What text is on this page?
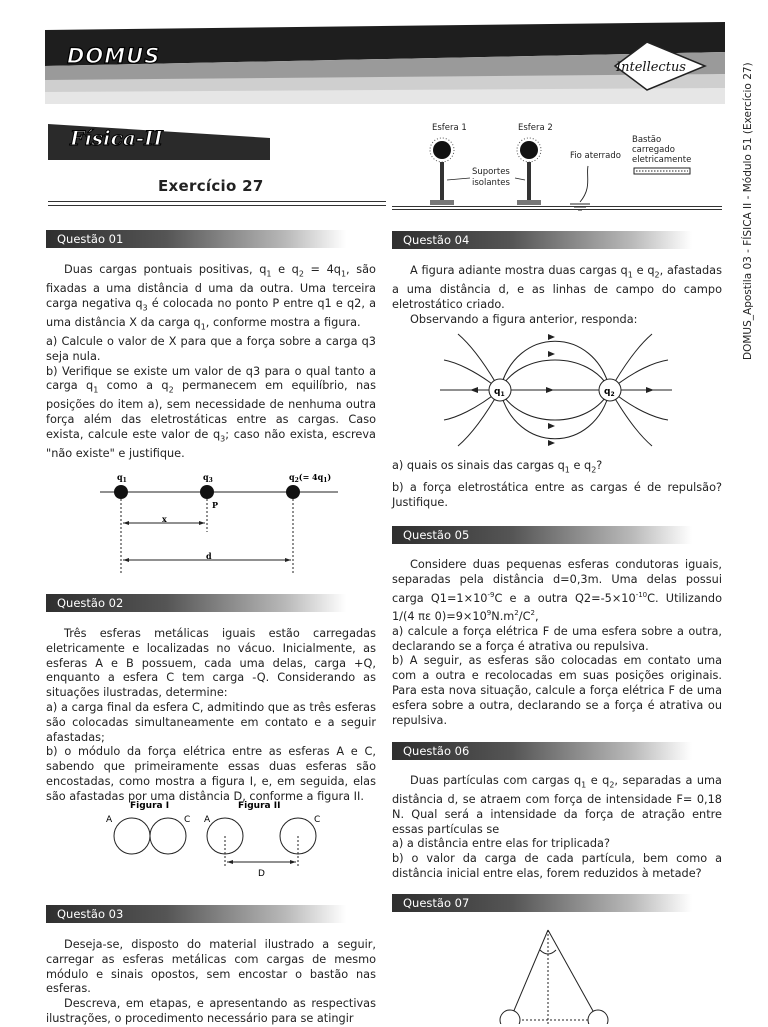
Intellectus
DOMUS
Física-II
Exercício 27	DOMUS_Apostila 03 - FÍSICA II - Módulo 51 (Exercício 27)
Esfera 1	Esfera 2
Suportes
isolantes
Fio aterrado
Bastão
carregado
eletricamente
Questão 01

Duas cargas pontuais positivas, $q_1$ e $q_2 = 4q_1$, são fixadas a uma distância d uma da outra. Uma terceira carga negativa $q_3$ é colocada no ponto P entre q1 e q2, a uma distância X da carga $q_1$, conforme mostra a figura.

a) Calcule o valor de X para que a força sobre a carga q3 seja nula.

b) Verifique se existe um valor de q3 para o qual tanto a carga $q_1$ como a $q_2$ permanecem em equilíbrio, nas posições do item a), sem necessidade de nenhuma outra força além das eletrostáticas entre as cargas. Caso exista, calcule este valor de $q_3$; caso não exista, escreva "não existe" e justifique.

$q_1$	$q_3$	$q_2(= 4q_1)$
P
x
d
Questão 02

Três esferas metálicas iguais estão carregadas eletricamente e localizadas no vácuo. Inicialmente, as esferas A e B possuem, cada uma delas, carga +Q, enquanto a esfera C tem carga -Q. Considerando as situações ilustradas, determine:

a) a carga final da esfera C, admitindo que as três esferas são colocadas simultaneamente em contato e a seguir afastadas;

b) o módulo da força elétrica entre as esferas A e C, sabendo que primeiramente essas duas esferas são encostadas, como mostra a figura I, e, em seguida, elas são afastadas por uma distância D, conforme a figura II.

Figura I	Figura II
A	C A	C
D
Questão 03

Deseja-se, disposto do material ilustrado a seguir, carregar as esferas metálicas com cargas de mesmo módulo e sinais opostos, sem encostar o bastão nas esferas.

Descreva, em etapas, e apresentando as respectivas ilustrações, o procedimento necessário para se atingir

Questão 04

A figura adiante mostra duas cargas $q_1$ e $q_2$, afastadas a uma distância d, e as linhas de campo do campo eletrostático criado.

Observando a figura anterior, responda:

$q_1$	$q_2$

a) quais os sinais das cargas $q_1$ e $q_2$?

b) a força eletrostática entre as cargas é de repulsão? Justifique.

Questão 05

Considere duas pequenas esferas condutoras iguais, separadas pela distância d=0,3m. Uma delas possui carga $Q1=1\times 10^{-9}C$ e a outra $Q2=-5\times 10^{-10}C$. Utilizando 1/(4 πε $0)=9\times 10^9N.m^2/C^2$,

a) calcule a força elétrica F de uma esfera sobre a outra, declarando se a força é atrativa ou repulsiva.

b) A seguir, as esferas são colocadas em contato uma com a outra e recolocadas em suas posições originais. Para esta nova situação, calcule a força elétrica F de uma esfera sobre a outra, declarando se a força é atrativa ou repulsiva.

Questão 06

Duas partículas com cargas $q_1$ e $q_2$, separadas a uma distância d, se atraem com força de intensidade F= 0,18 N. Qual será a intensidade da força de atração entre essas partículas se

a) a distância entre elas for triplicada?

b) o valor da carga de cada partícula, bem como a distância inicial entre elas, forem reduzidos à metade?

Questão 07
